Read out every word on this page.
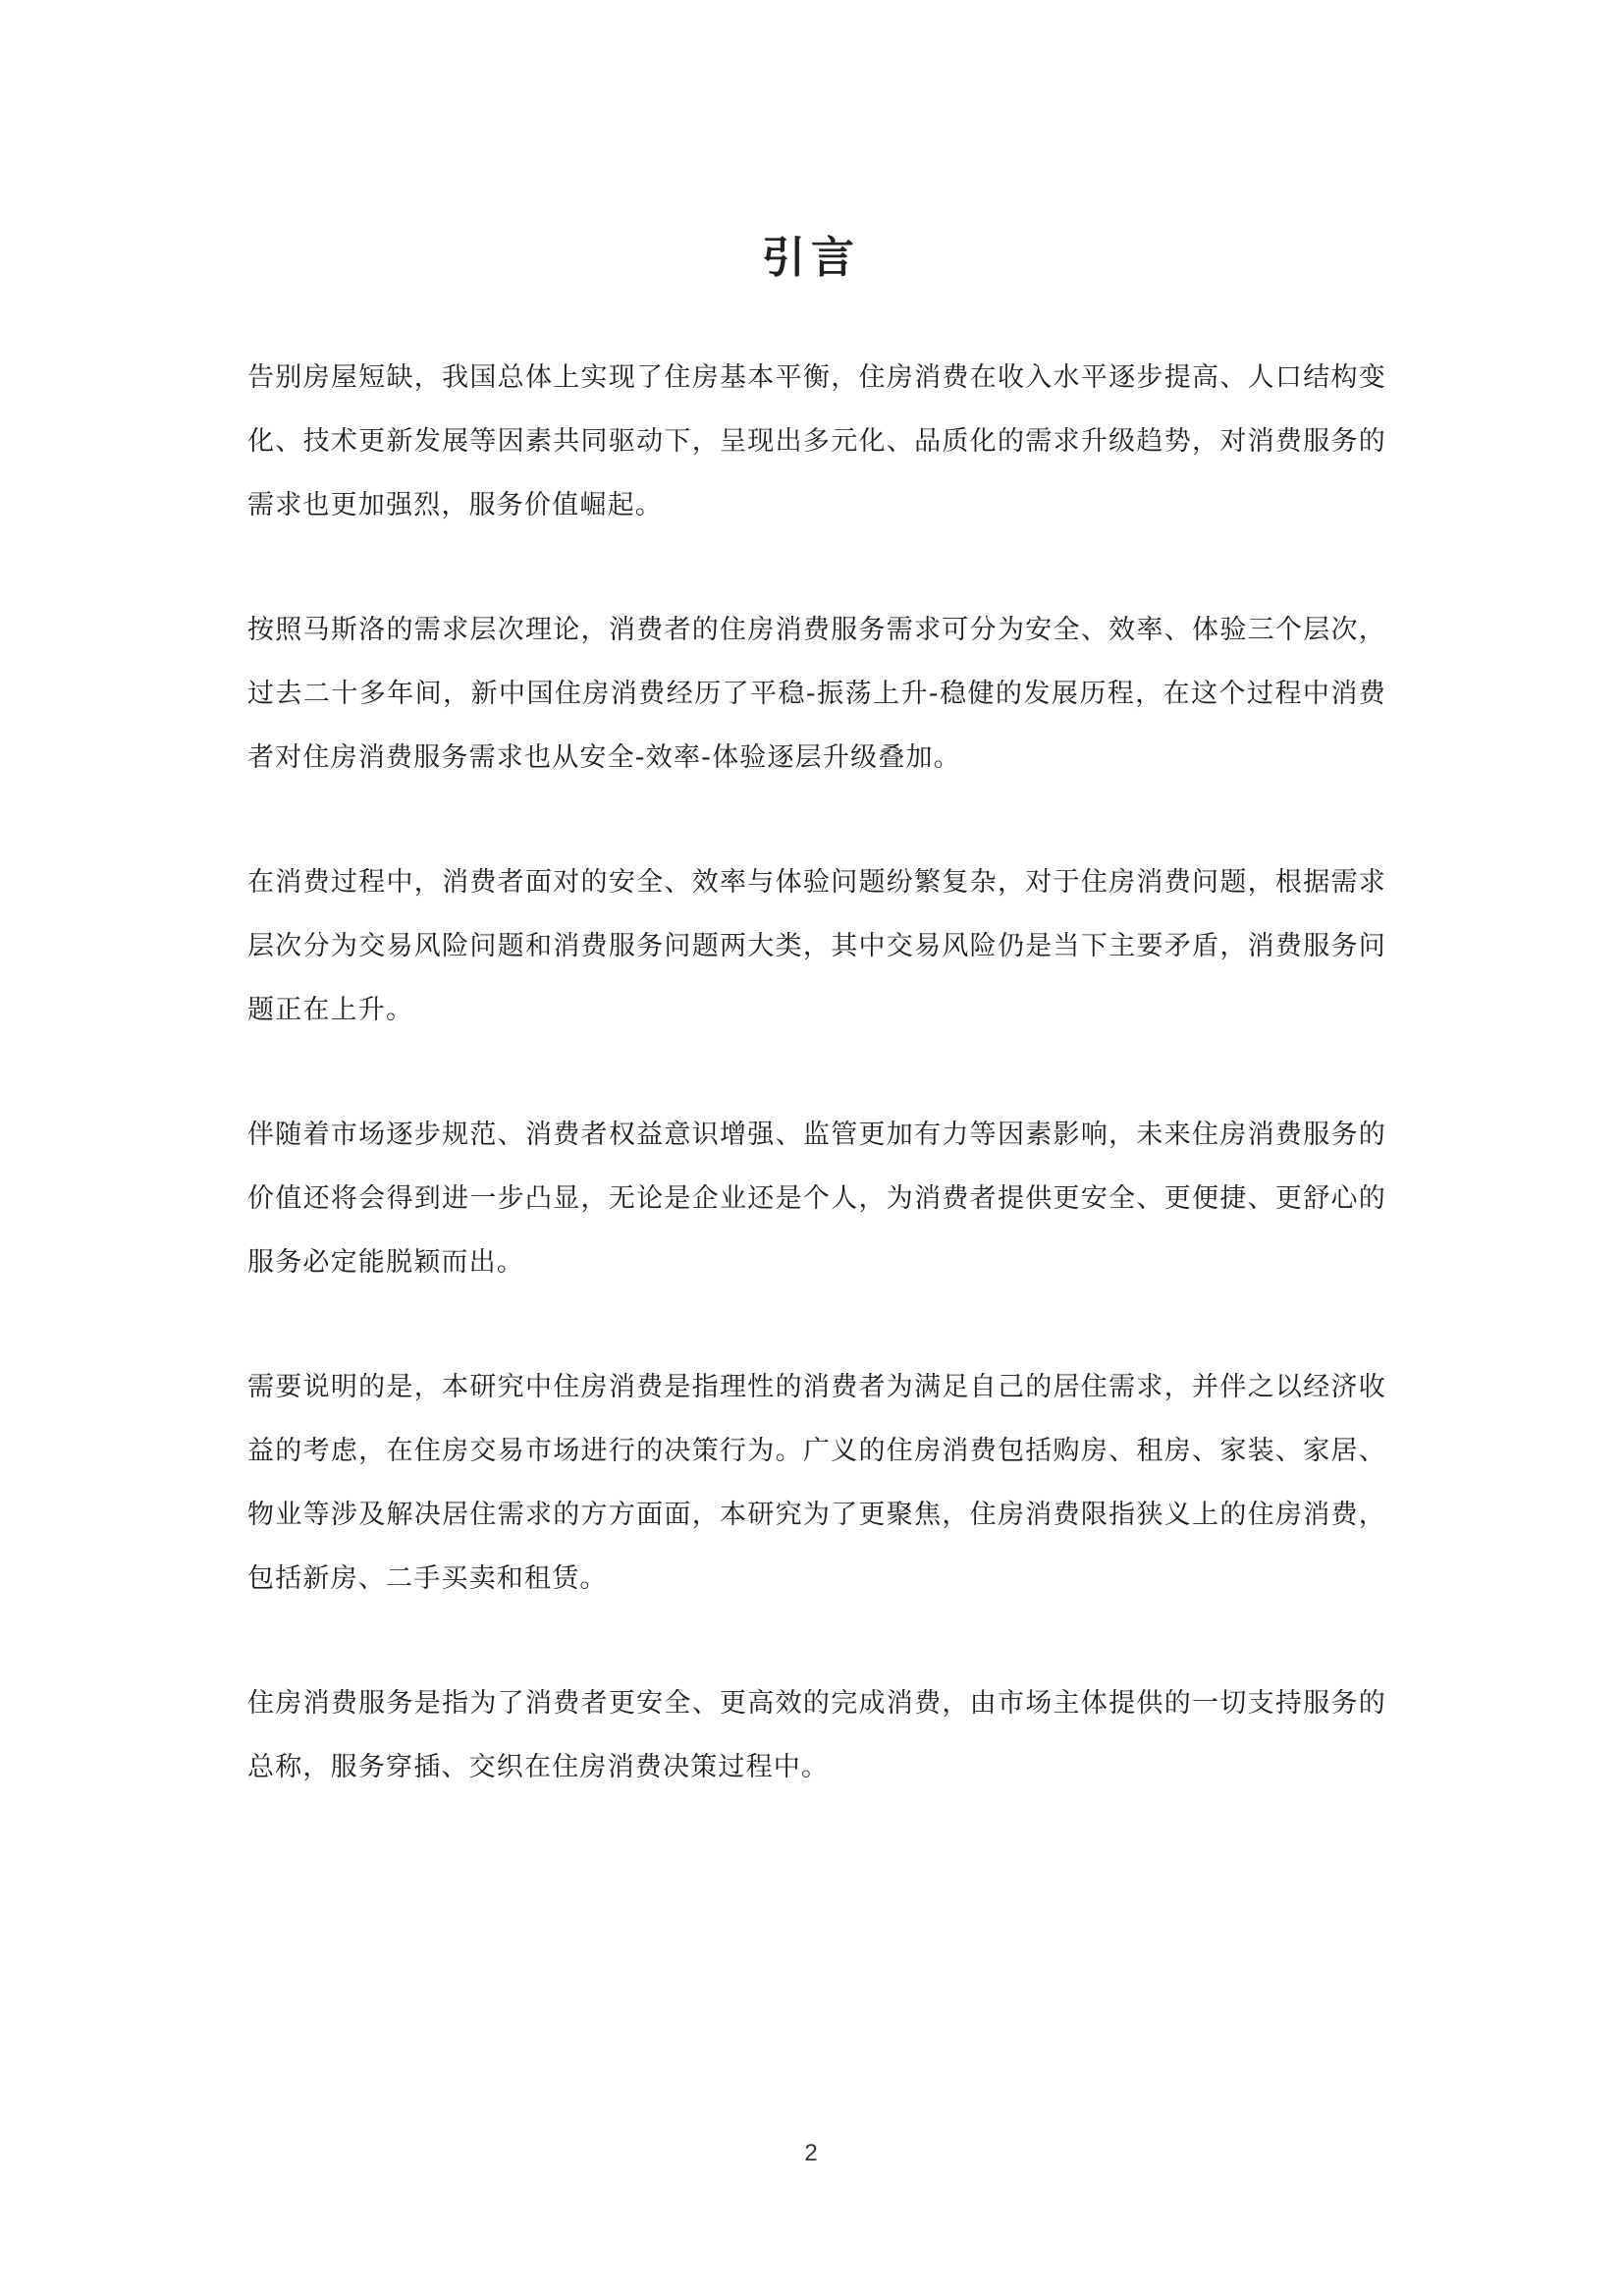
引言

告别房屋短缺，我国总体上实现了住房基本平衡，住房消费在收入水平逐步提高、人口结构变化、技术更新发展等因素共同驱动下，呈现出多元化、品质化的需求升级趋势，对消费服务的需求也更加强烈，服务价值崛起。

按照马斯洛的需求层次理论，消费者的住房消费服务需求可分为安全、效率、体验三个层次，过去二十多年间，新中国住房消费经历了平稳-振荡上升-稳健的发展历程，在这个过程中消费者对住房消费服务需求也从安全-效率-体验逐层升级叠加。

在消费过程中，消费者面对的安全、效率与体验问题纷繁复杂，对于住房消费问题，根据需求层次分为交易风险问题和消费服务问题两大类，其中交易风险仍是当下主要矛盾，消费服务问题正在上升。

伴随着市场逐步规范、消费者权益意识增强、监管更加有力等因素影响，未来住房消费服务的价值还将会得到进一步凸显，无论是企业还是个人，为消费者提供更安全、更便捷、更舒心的服务必定能脱颖而出。

需要说明的是，本研究中住房消费是指理性的消费者为满足自己的居住需求，并伴之以经济收益的考虑，在住房交易市场进行的决策行为。广义的住房消费包括购房、租房、家装、家居、物业等涉及解决居住需求的方方面面，本研究为了更聚焦，住房消费限指狭义上的住房消费，包括新房、二手买卖和租赁。

住房消费服务是指为了消费者更安全、更高效的完成消费，由市场主体提供的一切支持服务的总称，服务穿插、交织在住房消费决策过程中。

2
